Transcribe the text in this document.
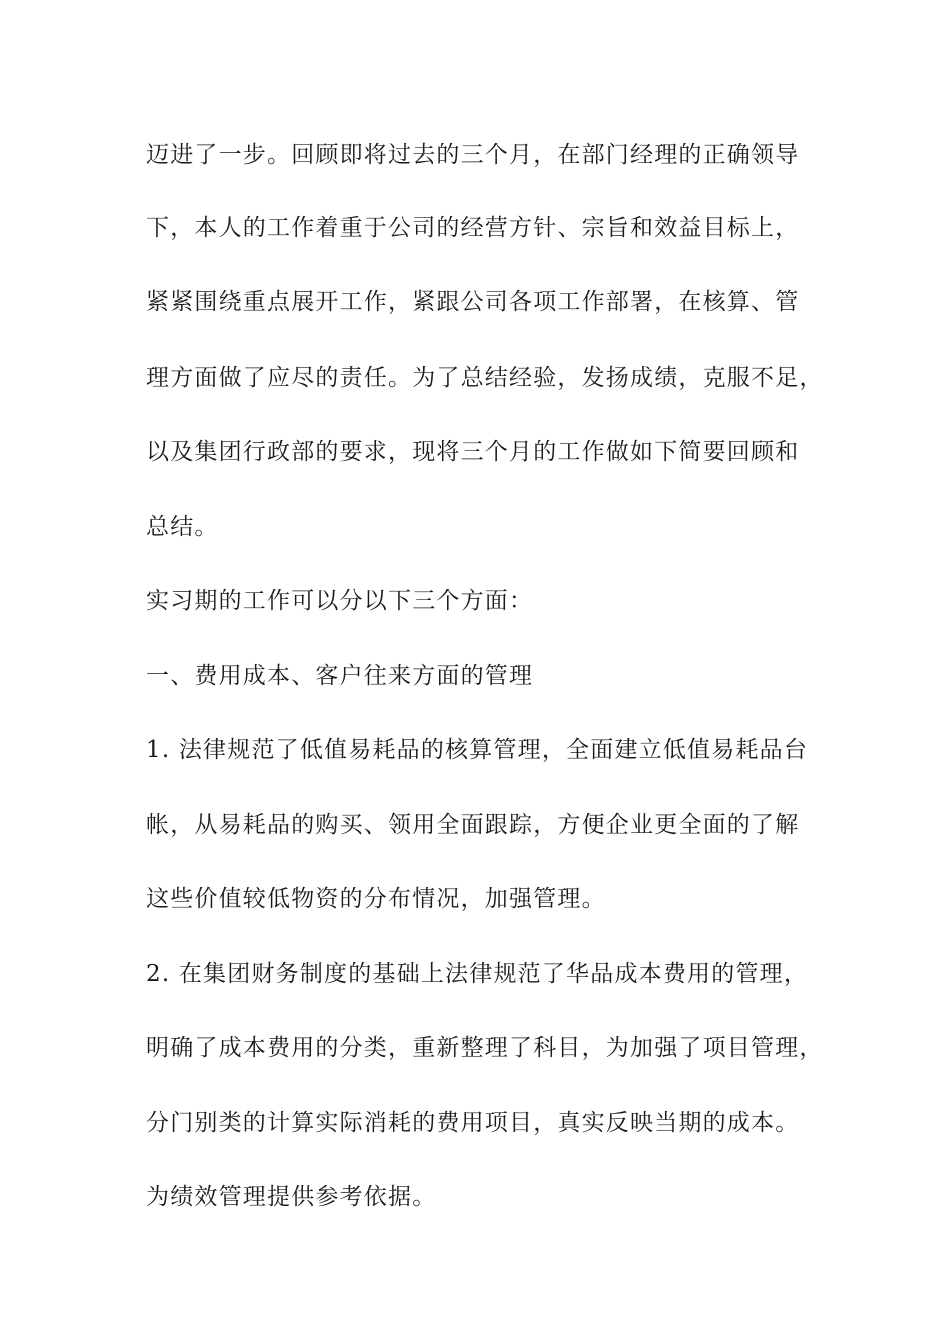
迈进了一步。回顾即将过去的三个月，在部门经理的正确领导
下，本人的工作着重于公司的经营方针、宗旨和效益目标上，
紧紧围绕重点展开工作，紧跟公司各项工作部署，在核算、管
理方面做了应尽的责任。为了总结经验，发扬成绩，克服不足，
以及集团行政部的要求，现将三个月的工作做如下简要回顾和
总结。
实习期的工作可以分以下三个方面：
一、费用成本、客户往来方面的管理
1. 法律规范了低值易耗品的核算管理，全面建立低值易耗品台
帐，从易耗品的购买、领用全面跟踪，方便企业更全面的了解
这些价值较低物资的分布情况，加强管理。
2. 在集团财务制度的基础上法律规范了华品成本费用的管理，
明确了成本费用的分类，重新整理了科目，为加强了项目管理，
分门别类的计算实际消耗的费用项目，真实反映当期的成本。
为绩效管理提供参考依据。
